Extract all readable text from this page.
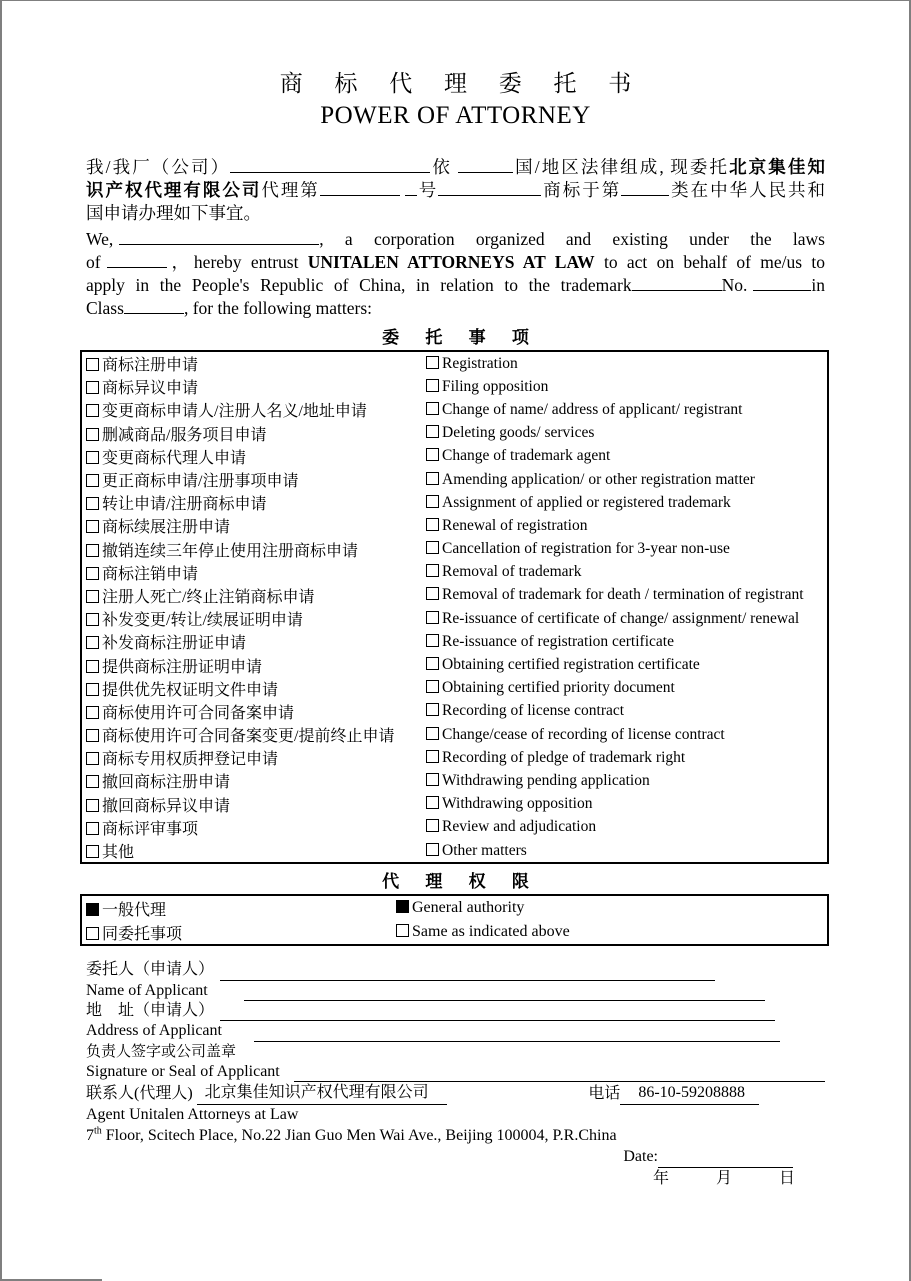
商 标 代 理 委 托 书
POWER OF ATTORNEY
我/我厂（公司）	依	国/地区法律组成, 现委托北京集佳知
识产权代理有限公司代理第	号	商标于第	类在中华人民共和
国申请办理如下事宜。
We,	, a corporation organized and existing under the laws
of	，hereby entrust UNITALEN ATTORNEYS AT LAW to act on behalf of me/us to
apply in the People's Republic of China, in relation to the trademark	No.	in
Class	, for the following matters:
委 托 事 项
商标注册申请	Registration
商标异议申请	Filing opposition
变更商标申请人/注册人名义/地址申请	Change of name/ address of applicant/ registrant
删减商品/服务项目申请	Deleting goods/ services
变更商标代理人申请	Change of trademark agent
更正商标申请/注册事项申请	Amending application/ or other registration matter
转让申请/注册商标申请	Assignment of applied or registered trademark
商标续展注册申请	Renewal of registration
撤销连续三年停止使用注册商标申请	Cancellation of registration for 3-year non-use
商标注销申请	Removal of trademark
注册人死亡/终止注销商标申请	Removal of trademark for death / termination of registrant
补发变更/转让/续展证明申请	Re-issuance of certificate of change/ assignment/ renewal
补发商标注册证申请	Re-issuance of registration certificate
提供商标注册证明申请	Obtaining certified registration certificate
提供优先权证明文件申请	Obtaining certified priority document
商标使用许可合同备案申请	Recording of license contract
商标使用许可合同备案变更/提前终止申请	Change/cease of recording of license contract
商标专用权质押登记申请	Recording of pledge of trademark right
撤回商标注册申请	Withdrawing pending application
撤回商标异议申请	Withdrawing opposition
商标评审事项	Review and adjudication
其他	Other matters
代 理 权 限
一般代理	General authority
同委托事项	Same as indicated above
委托人（申请人）
Name of Applicant
地　址（申请人）
Address of Applicant
负责人签字或公司盖章
Signature or Seal of Applicant
联系人(代理人) 北京集佳知识产权代理有限公司	电话	86-10-59208888
Agent Unitalen Attorneys at Law
7th Floor, Scitech Place, No.22 Jian Guo Men Wai Ave., Beijing 100004, P.R.China
Date:
年　　月　　日
